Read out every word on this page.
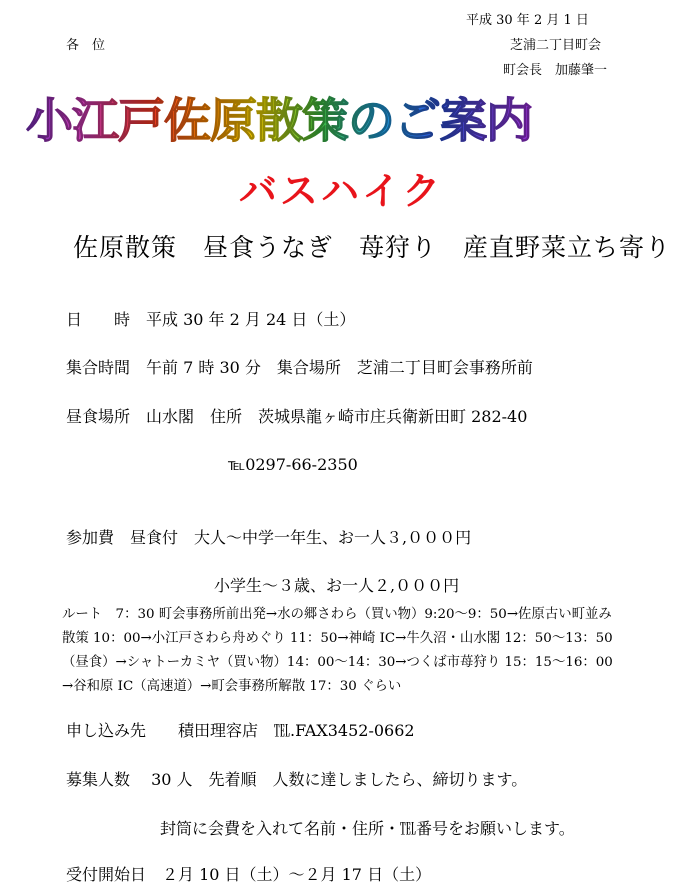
平成 30 年 2 月 1 日
各　位	芝浦二丁目町会
町会長　加藤肇一
小江戸佐原散策のご案内
バスハイク
佐原散策　昼食うなぎ　苺狩り　産直野菜立ち寄り
日　　時　平成 30 年 2 月 24 日（土）
集合時間　午前 7 時 30 分　集合場所　芝浦二丁目町会事務所前
昼食場所　山水閣　住所　茨城県龍ヶ崎市庄兵衛新田町 282-40
℡0297-66-2350
参加費　昼食付　大人～中学一年生、お一人３,０００円
小学生～３歳、お一人２,０００円
ルート　7：30 町会事務所前出発→水の郷さわら（買い物）9:20～9：50→佐原古い町並み
散策 10：00→小江戸さわら舟めぐり 11：50→神崎 IC→牛久沼・山水閣 12：50～13：50
（昼食）→シャトーカミヤ（買い物）14：00～14：30→つくば市苺狩り 15：15～16：00
→谷和原 IC（高速道）→町会事務所解散 17：30 ぐらい
申し込み先　　積田理容店　℡.FAX3452-0662
募集人数　 30 人　先着順　人数に達しましたら、締切ります。
封筒に会費を入れて名前・住所・℡番号をお願いします。
受付開始日　２月 10 日（土）～２月 17 日（土）
